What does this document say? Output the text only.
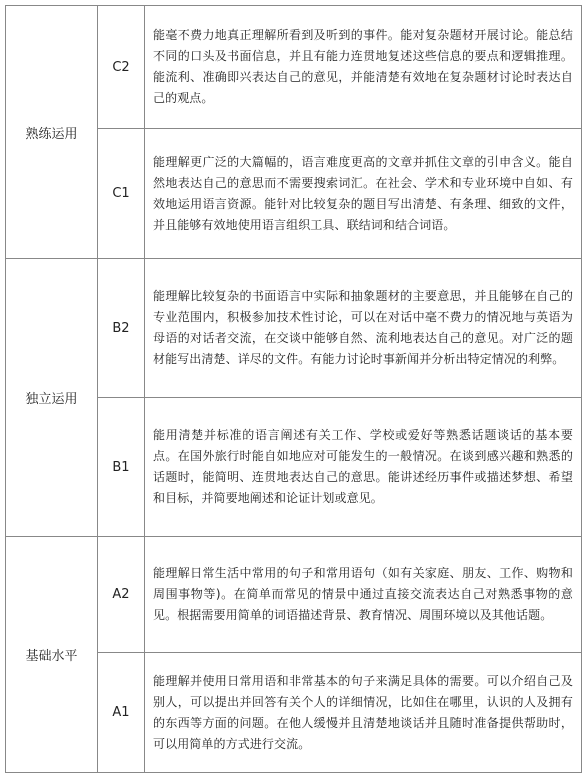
熟练运用	C2	能毫不费力地真正理解所看到及听到的事件。能对复杂题材开展讨论。能总结不同的口头及书面信息，并且有能力连贯地复述这些信息的要点和逻辑推理。能流利、准确即兴表达自己的意见，并能清楚有效地在复杂题材讨论时表达自己的观点。
	C1	能理解更广泛的大篇幅的，语言难度更高的文章并抓住文章的引申含义。能自然地表达自己的意思而不需要搜索词汇。在社会、学术和专业环境中自如、有效地运用语言资源。能针对比较复杂的题目写出清楚、有条理、细致的文件，并且能够有效地使用语言组织工具、联结词和结合词语。
独立运用	B2	能理解比较复杂的书面语言中实际和抽象题材的主要意思，并且能够在自己的专业范围内，积极参加技术性讨论，可以在对话中毫不费力的情况地与英语为母语的对话者交流，在交谈中能够自然、流利地表达自己的意见。对广泛的题材能写出清楚、详尽的文件。有能力讨论时事新闻并分析出特定情况的利弊。
	B1	能用清楚并标准的语言阐述有关工作、学校或爱好等熟悉话题谈话的基本要点。在国外旅行时能自如地应对可能发生的一般情况。在谈到感兴趣和熟悉的话题时，能简明、连贯地表达自己的意思。能讲述经历事件或描述梦想、希望和目标，并简要地阐述和论证计划或意见。
基础水平	A2	能理解日常生活中常用的句子和常用语句（如有关家庭、朋友、工作、购物和周围事物等)。在简单而常见的情景中通过直接交流表达自己对熟悉事物的意见。根据需要用简单的词语描述背景、教育情况、周围环境以及其他话题。
	A1	能理解并使用日常用语和非常基本的句子来满足具体的需要。可以介绍自己及别人，可以提出并回答有关个人的详细情况，比如住在哪里，认识的人及拥有的东西等方面的问题。在他人缓慢并且清楚地谈话并且随时准备提供帮助时，可以用简单的方式进行交流。
